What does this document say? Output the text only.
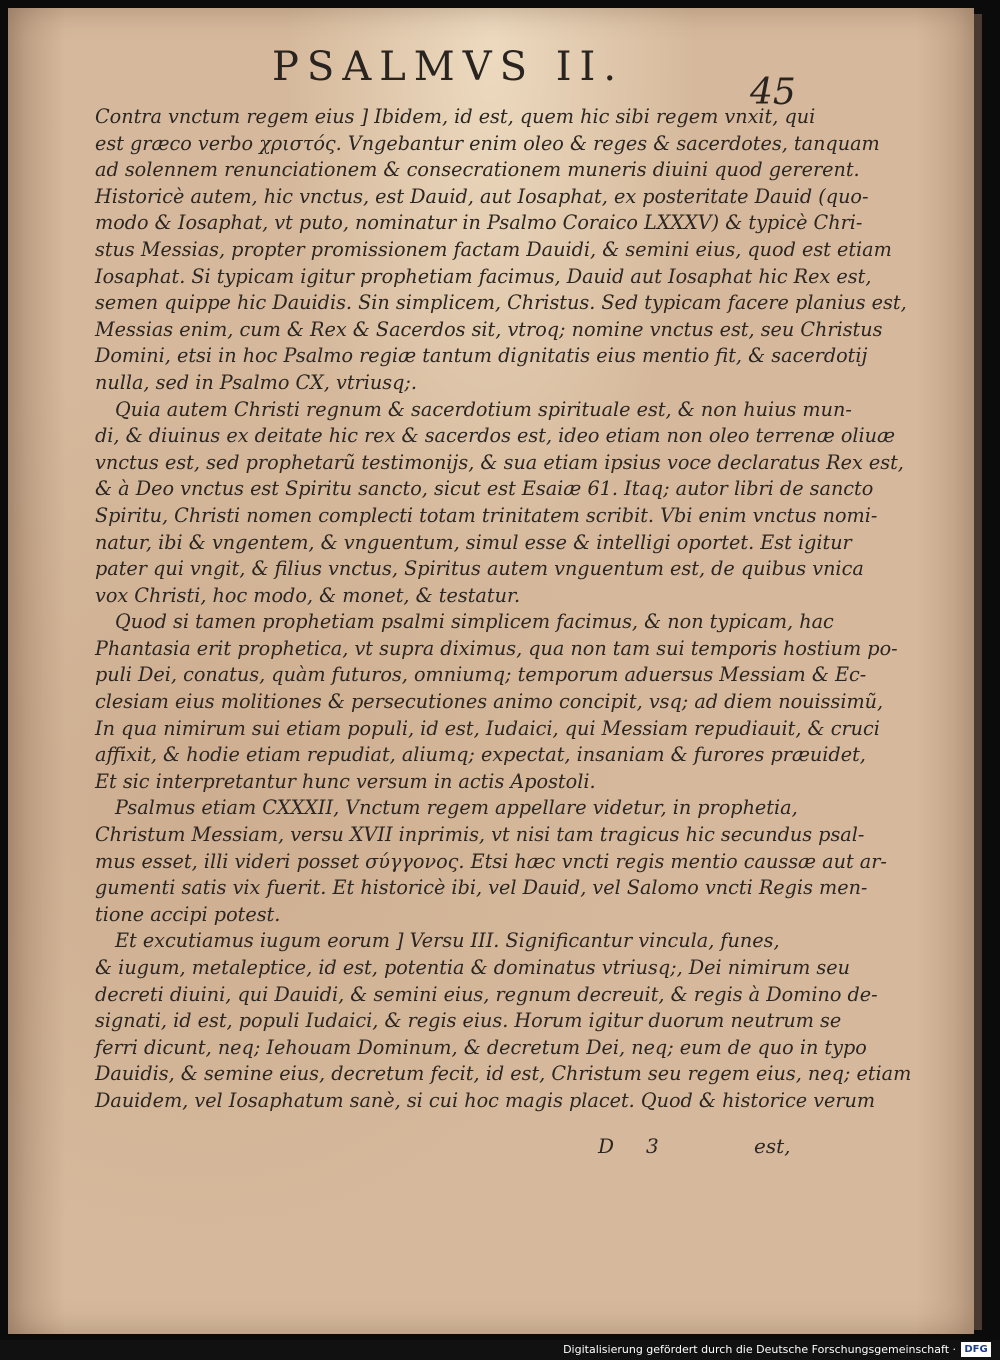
PSALMVS II.
45
Contra vnctum regem eius ] Ibidem, id est, quem hic sibi regem vnxit, qui
est græco verbo χριστός. Vngebantur enim oleo & reges & sacerdotes, tanquam
ad solennem renunciationem & consecrationem muneris diuini quod gererent.
Historicè autem, hic vnctus, est Dauid, aut Iosaphat, ex posteritate Dauid (quo-
modo & Iosaphat, vt puto, nominatur in Psalmo Coraico LXXXV) & typicè Chri-
stus Messias, propter promissionem factam Dauidi, & semini eius, quod est etiam
Iosaphat. Si typicam igitur prophetiam facimus, Dauid aut Iosaphat hic Rex est,
semen quippe hic Dauidis. Sin simplicem, Christus. Sed typicam facere planius est,
Messias enim, cum & Rex & Sacerdos sit, vtroq; nomine vnctus est, seu Christus
Domini, etsi in hoc Psalmo regiæ tantum dignitatis eius mentio fit, & sacerdotij
nulla, sed in Psalmo CX, vtriusq;.
Quia autem Christi regnum & sacerdotium spirituale est, & non huius mun-
di, & diuinus ex deitate hic rex & sacerdos est, ideo etiam non oleo terrenæ oliuæ
vnctus est, sed prophetarũ testimonijs, & sua etiam ipsius voce declaratus Rex est,
& à Deo vnctus est Spiritu sancto, sicut est Esaiæ 61. Itaq; autor libri de sancto
Spiritu, Christi nomen complecti totam trinitatem scribit. Vbi enim vnctus nomi-
natur, ibi & vngentem, & vnguentum, simul esse & intelligi oportet. Est igitur
pater qui vngit, & filius vnctus, Spiritus autem vnguentum est, de quibus vnica
vox Christi, hoc modo, & monet, & testatur.
Quod si tamen prophetiam psalmi simplicem facimus, & non typicam, hac
Phantasia erit prophetica, vt supra diximus, qua non tam sui temporis hostium po-
puli Dei, conatus, quàm futuros, omniumq; temporum aduersus Messiam & Ec-
clesiam eius molitiones & persecutiones animo concipit, vsq; ad diem nouissimũ,
In qua nimirum sui etiam populi, id est, Iudaici, qui Messiam repudiauit, & cruci
affixit, & hodie etiam repudiat, aliumq; expectat, insaniam & furores præuidet,
Et sic interpretantur hunc versum in actis Apostoli.
Psalmus etiam CXXXII, Vnctum regem appellare videtur, in prophetia,
Christum Messiam, versu XVII inprimis, vt nisi tam tragicus hic secundus psal-
mus esset, illi videri posset σύγγονος. Etsi hæc vncti regis mentio caussæ aut ar-
gumenti satis vix fuerit. Et historicè ibi, vel Dauid, vel Salomo vncti Regis men-
tione accipi potest.
Et excutiamus iugum eorum ] Versu III. Significantur vincula, funes,
& iugum, metaleptice, id est, potentia & dominatus vtriusq;, Dei nimirum seu
decreti diuini, qui Dauidi, & semini eius, regnum decreuit, & regis à Domino de-
signati, id est, populi Iudaici, & regis eius. Horum igitur duorum neutrum se
ferri dicunt, neq; Iehouam Dominum, & decretum Dei, neq; eum de quo in typo
Dauidis, & semine eius, decretum fecit, id est, Christum seu regem eius, neq; etiam
Dauidem, vel Iosaphatum sanè, si cui hoc magis placet. Quod & historice verum
D 3	est,
Digitalisierung gefördert durch die Deutsche Forschungsgemeinschaft · DFG
